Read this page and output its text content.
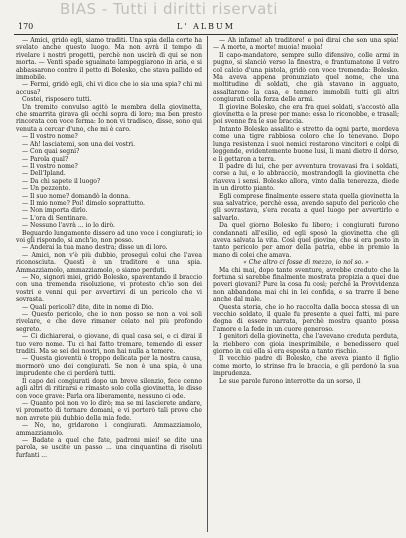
BIAS - Tutti i diritti riservati
170	L' ALBUM

— Amici, gridò egli, siamo traditi. Una spia della corte ha svelato anche questo luogo. Ma non avrà il tempo di rivelare i nostri progetti, perchè non uscirà di qui se non morta. — Venti spade sguainate lampeggiarono in aria, e si abbassarono contro il petto di Bolesko, che stava pallido ed immobile.

— Fermi, gridò egli, chi vi dice che io sia una spia? chi mi accusa?

Costei, risposero tutti.

Un tremito convulso agitò le membra della giovinetta, che smarrita girava gli occhi sopra di loro; ma ben presto rincorata con voce ferma: Io non vi tradisco, disse, sono qui venuta a cercar d'uno, che mi è caro.

— Il vostro nome?

— Ah! lasciatemi, son una dei vostri.

— Con quai segni?

— Parola qual?

— Il vostro nome?

— Dell'Ipland.

— Da chi sapete il luogo?

— Un pezzente.

— Il suo nome? domandò la donna.

— Il mio nome? Poi! dimelo soprattutto.

— Non importa dirlo.

— L'ora di Sentinare.

— Nessuno l'avrà ... io lo dirò.

Beguardo lungamente dissero ad uno voce i congiurati; io voi gli rispondo, sì anch'io, non posso.

— Anderai la tua mano destra; disse un di loro.

— Amici, non v'è più dubbio, proseguì colui che l'avea riconosciuta. Questi è un traditore e una spia. Ammazziamolo, ammazziamolo, o siamo perduti.

— No, signori miei, gridò Bolesko, spaventando il braccio con una tremenda risoluzione, vi protesto ch'io son dei vostri e venni qui per avvertirvi di un pericolo che vi sovrasta.

— Quali pericoli? dite, dite in nome di Dio.

— Questo pericolo, che io non posso se non a voi soli rivelare, e che deve rimaner celato nel più profondo segreto.

— Ci dichiarerai, o giovane, di qual casa sei, e ci dirai il tuo vero nome. Tu ci hai fatto tremare, temendo di esser traditi. Ma se sei dei nostri, non hai nulla a temere.

— Questa gioventù è troppo delicata per la nostra causa, mormorò uno dei congiurati. Se non è una spia, è una imprudente che ci perderà tutti.

Il capo dei congiurati dopo un breve silenzio, fece cenno agli altri di ritirarsi e rimasto solo colla giovinetta, le disse con voce grave: Parla ora liberamente, nessuno ci ode.

— Quanto poi non vo lo dirò; ma se mi lascierete andare, vi prometto di tornare domani, e vi porterò tali prove che non avrete più dubbio della mia fede.

— No, no, gridarono i congiurati. Ammazziamolo, ammazziamolo.

— Badate a quel che fate, padroni miei! se dite una parola, se uscite un passo ... una cinquantina di risoluti furfanti ...

— Ah infame! ah traditore! e poi dirai che son una spia! — A morte, a morte! muoia! muoia!

Il capo-mandatore, sempre sullo difensivo, colle armi in pugno, si slanciò verso la finestra, e frantumatone il vetro col calcio d'una pistola, gridò con voce tremenda: Bolesko. Ma aveva appena pronunziato quel nome, che una moltitudine di soldati, che già stavano in agguato, assaltarono la casa, e tennero immobili tutti gli altri congiurati colla forza delle armi.

Il giovine Bolesko, che era fra quei soldati, s'accostò alla giovinetta e la prese per mano: essa lo riconobbe, e trasalì; poi svenne fra le sue braccia.

Intanto Bolesko assalito e stretto da ogni parte, mordeva come una tigre rabbiosa coloro che lo tenevano. Dopo lunga resistenza i suoi nemici restarono vincitori e colpi di leggende, evidentemente buone lusi, li mani dietro il dorso, e li gettaron a terra.

Il padre di lui, che per avventura trovavasi fra i soldati, corse a lui, e lo abbracciò, mostrandogli la giovinetta che riaveva i sensi. Bolesko allora, vinto dalla tenerezza, diede in un dirotto pianto.

Egli comprese finalmente essere stata quella giovinetta la sua salvatrice, perchè essa, avendo saputo del pericolo che gli sovrastava, s'era recata a quel luogo per avvertirlo e salvarlo.

Da quel giorno Bolesko fu libero; i congiurati furono condannati all'esilio, ed egli sposò la giovinetta che gli aveva salvata la vita. Così quel giovine, che si era posto in tanto pericolo per amor della patria, ebbe in premio la mano di colei che amava.

« Che altro ci fosse di mezzo, io nol so. »

Ma chi mai, dopo tante sventure, avrebbe creduto che la fortuna si sarebbe finalmente mostrata propizia a quei due poveri giovani? Pure la cosa fu così; perchè la Provvidenza non abbandona mai chi in lei confida, e sa trarre il bene anche dal male.

Questa storia, che io ho raccolta dalla bocca stessa di un vecchio soldato, il quale fu presente a quei fatti, mi pare degna di essere narrata, perchè mostra quanto possa l'amore e la fede in un cuore generoso.

I genitori della giovinetta, che l'avevano creduta perduta, la riebbero con gioia inesprimibile, e benedissero quel giorno in cui ella si era esposta a tanto rischio.

Il vecchio padre di Bolesko, che aveva pianto il figlio come morto, lo strinse fra le braccia, e gli perdonò la sua imprudenza.

Le sue parole furono interrotte da un sorso, il
